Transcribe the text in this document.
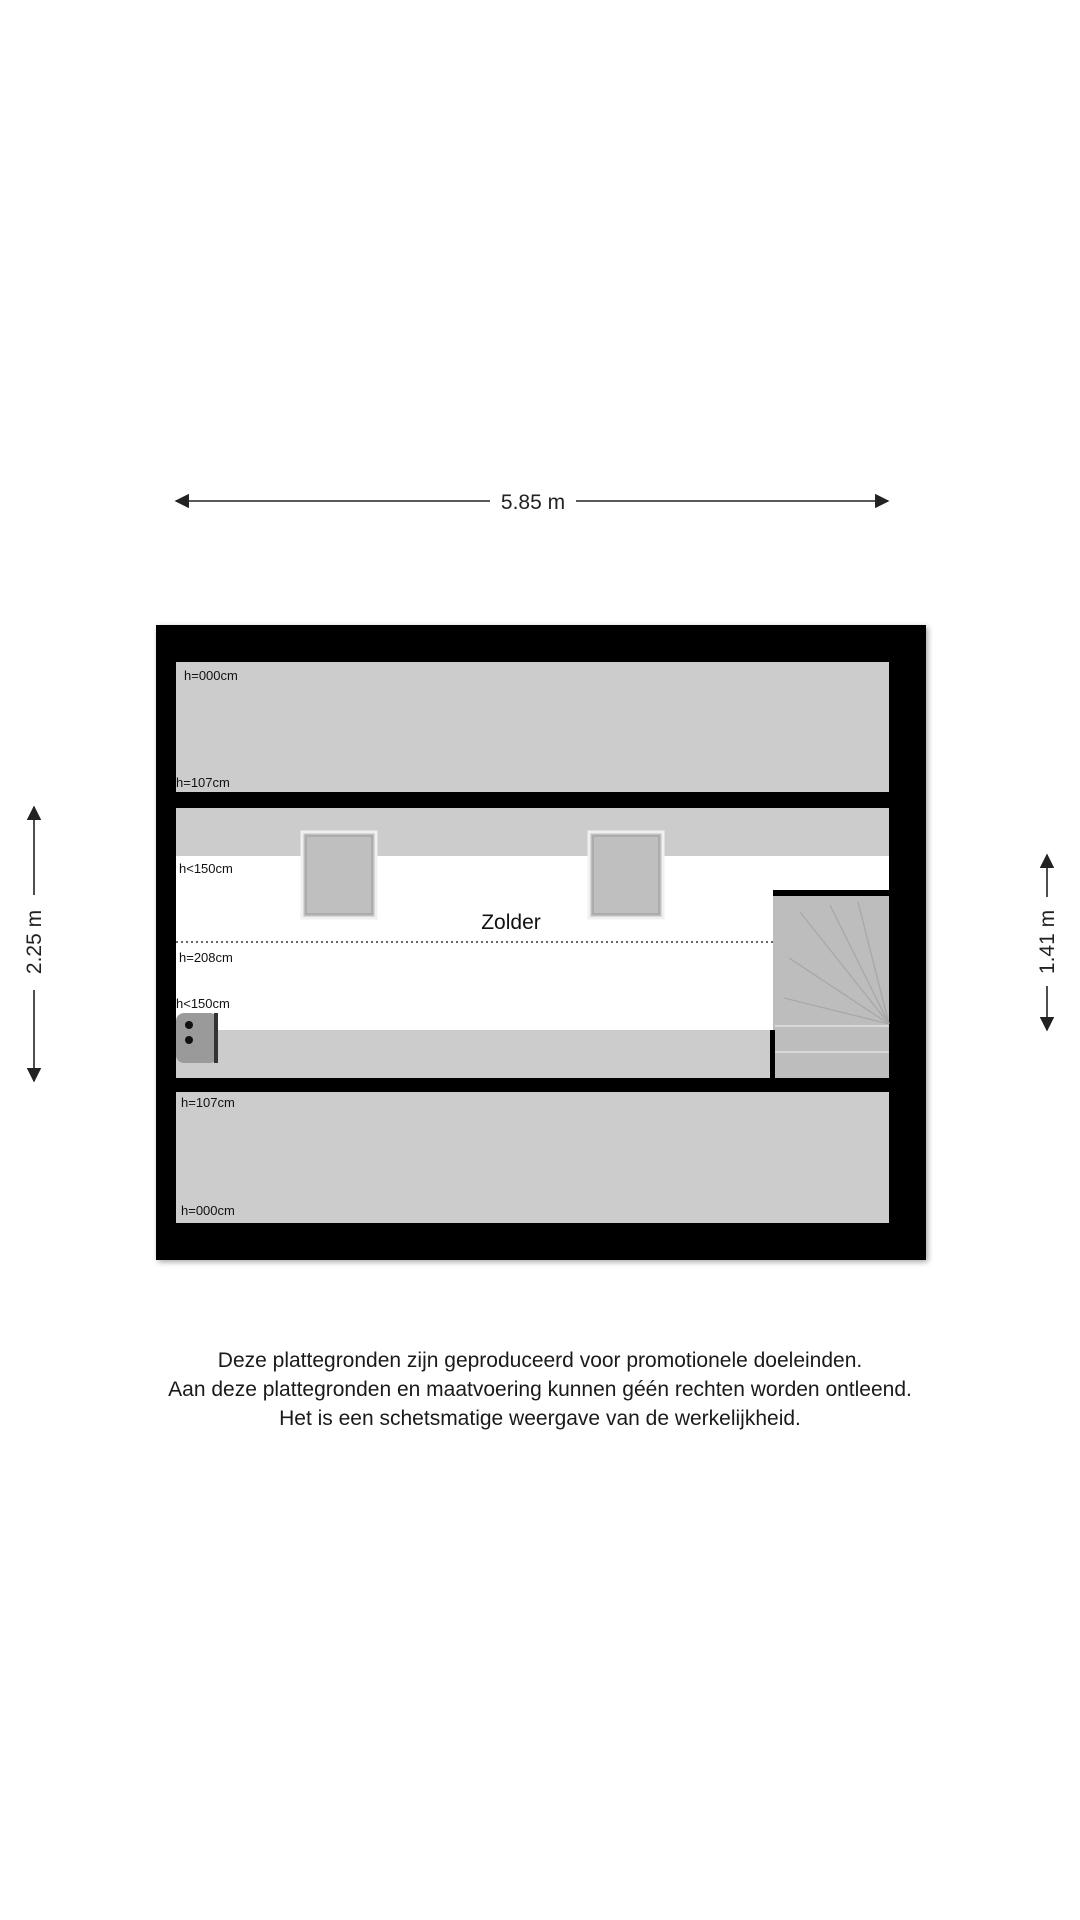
5.85 m
2.25 m	1.41 m
Zolder
h=000cm
h=107cm
h<150cm
h=208cm
h<150cm
h=107cm
h=000cm
Deze plattegronden zijn geproduceerd voor promotionele doeleinden.
Aan deze plattegronden en maatvoering kunnen géén rechten worden ontleend.
Het is een schetsmatige weergave van de werkelijkheid.
